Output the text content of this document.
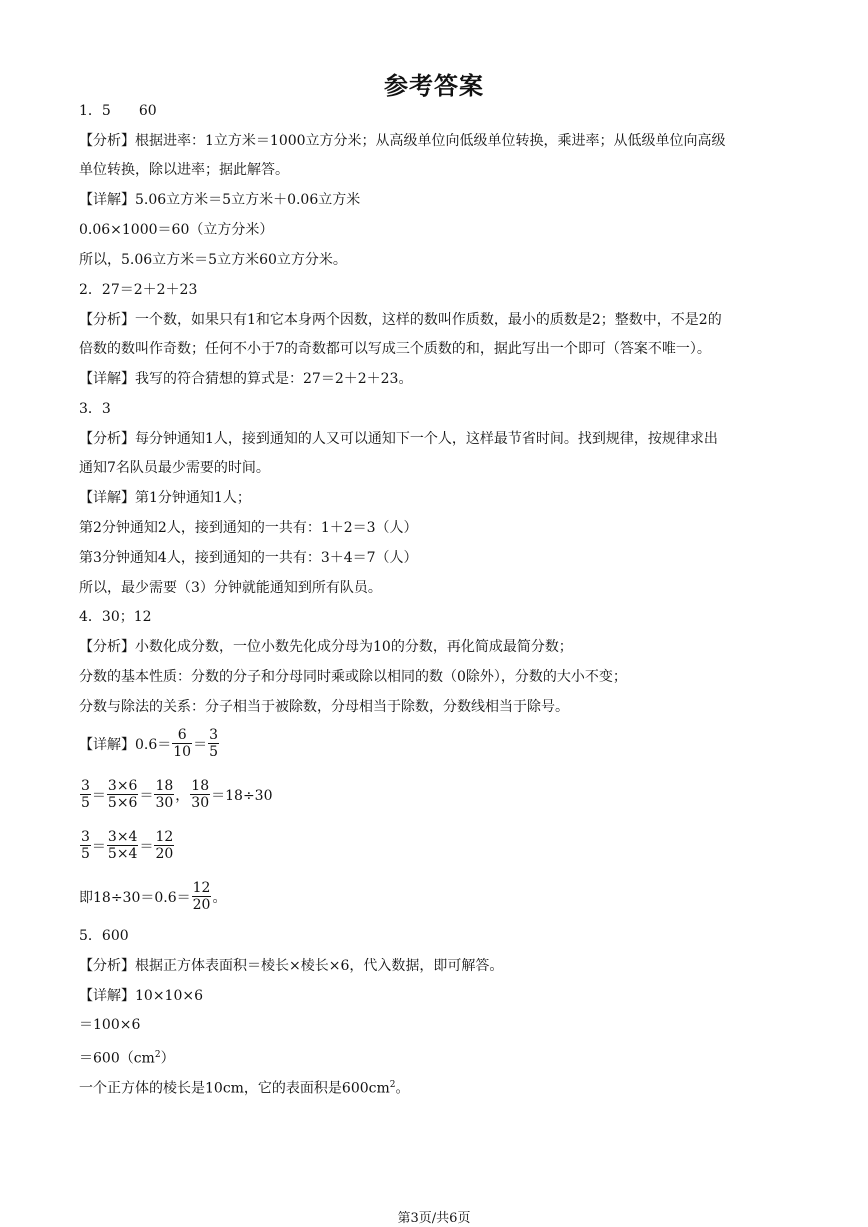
参考答案
1．5　　60
【分析】根据进率：1立方米＝1000立方分米；从高级单位向低级单位转换，乘进率；从低级单位向高级
单位转换，除以进率；据此解答。
【详解】5.06立方米＝5立方米＋0.06立方米
0.06×1000＝60（立方分米）
所以，5.06立方米＝5立方米60立方分米。
2．27＝2＋2＋23
【分析】一个数，如果只有1和它本身两个因数，这样的数叫作质数，最小的质数是2；整数中，不是2的
倍数的数叫作奇数；任何不小于7的奇数都可以写成三个质数的和，据此写出一个即可（答案不唯一）。
【详解】我写的符合猜想的算式是：27＝2＋2＋23。
3．3
【分析】每分钟通知1人，接到通知的人又可以通知下一个人，这样最节省时间。找到规律，按规律求出
通知7名队员最少需要的时间。
【详解】第1分钟通知1人；
第2分钟通知2人，接到通知的一共有：1＋2＝3（人）
第3分钟通知4人，接到通知的一共有：3＋4＝7（人）
所以，最少需要（3）分钟就能通知到所有队员。
4．30；12
【分析】小数化成分数，一位小数先化成分母为10的分数，再化简成最简分数；
分数的基本性质：分数的分子和分母同时乘或除以相同的数（0除外），分数的大小不变；
分数与除法的关系：分子相当于被除数，分母相当于除数，分数线相当于除号。
【详解】$0.6= \frac{6}{10} = \frac{3}{5}$
$\frac{3}{5} = \frac{3\times 6}{5\times 6} = \frac{18}{30}$ ， $\frac{18}{30} =18\div 30$
$\frac{3}{5} = \frac{3\times 4}{5\times 4} = \frac{12}{20}$
即$18\div 30=0.6= \frac{12}{20}$ 。
5．600
【分析】根据正方体表面积＝棱长×棱长×6，代入数据，即可解答。
【详解】10×10×6
＝100×6
$=600(cm^2)$
一个正方体的棱长是10cm，它的表面积是$600cm^2$。
第3页/共6页
